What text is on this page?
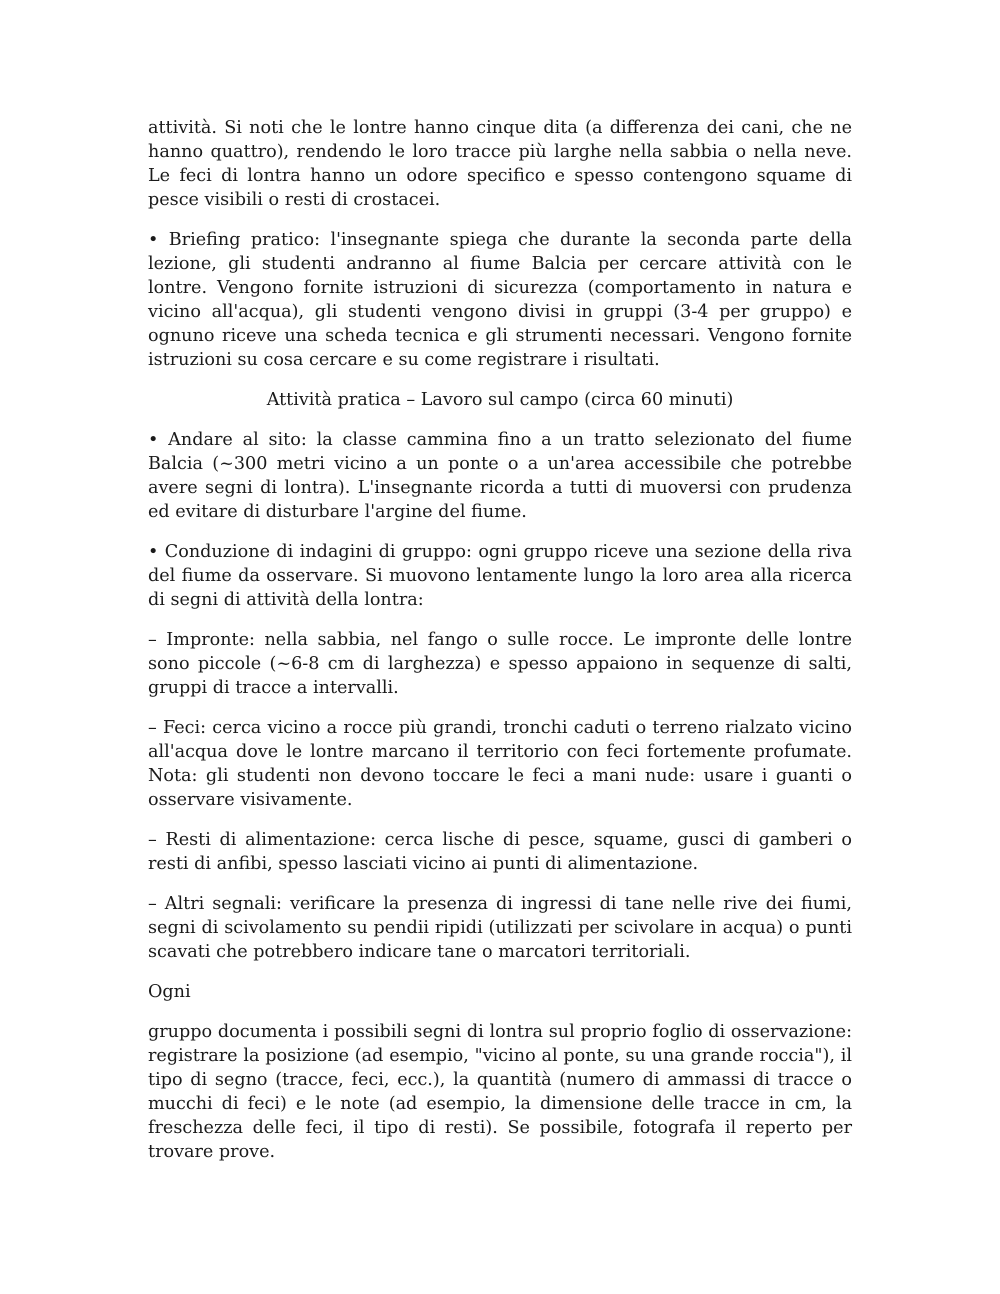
attività. Si noti che le lontre hanno cinque dita (a differenza dei cani, che ne hanno quattro), rendendo le loro tracce più larghe nella sabbia o nella neve. Le feci di lontra hanno un odore specifico e spesso contengono squame di pesce visibili o resti di crostacei.

• Briefing pratico: l'insegnante spiega che durante la seconda parte della lezione, gli studenti andranno al fiume Balcia per cercare attività con le lontre. Vengono fornite istruzioni di sicurezza (comportamento in natura e vicino all'acqua), gli studenti vengono divisi in gruppi (3-4 per gruppo) e ognuno riceve una scheda tecnica e gli strumenti necessari. Vengono fornite istruzioni su cosa cercare e su come registrare i risultati.

Attività pratica – Lavoro sul campo (circa 60 minuti)

• Andare al sito: la classe cammina fino a un tratto selezionato del fiume Balcia (~300 metri vicino a un ponte o a un'area accessibile che potrebbe avere segni di lontra). L'insegnante ricorda a tutti di muoversi con prudenza ed evitare di disturbare l'argine del fiume.

• Conduzione di indagini di gruppo: ogni gruppo riceve una sezione della riva del fiume da osservare. Si muovono lentamente lungo la loro area alla ricerca di segni di attività della lontra:

– Impronte: nella sabbia, nel fango o sulle rocce. Le impronte delle lontre sono piccole (~6-8 cm di larghezza) e spesso appaiono in sequenze di salti, gruppi di tracce a intervalli.

– Feci: cerca vicino a rocce più grandi, tronchi caduti o terreno rialzato vicino all'acqua dove le lontre marcano il territorio con feci fortemente profumate. Nota: gli studenti non devono toccare le feci a mani nude: usare i guanti o osservare visivamente.

– Resti di alimentazione: cerca lische di pesce, squame, gusci di gamberi o resti di anfibi, spesso lasciati vicino ai punti di alimentazione.

– Altri segnali: verificare la presenza di ingressi di tane nelle rive dei fiumi, segni di scivolamento su pendii ripidi (utilizzati per scivolare in acqua) o punti scavati che potrebbero indicare tane o marcatori territoriali.

Ogni

gruppo documenta i possibili segni di lontra sul proprio foglio di osservazione: registrare la posizione (ad esempio, "vicino al ponte, su una grande roccia"), il tipo di segno (tracce, feci, ecc.), la quantità (numero di ammassi di tracce o mucchi di feci) e le note (ad esempio, la dimensione delle tracce in cm, la freschezza delle feci, il tipo di resti). Se possibile, fotografa il reperto per trovare prove.
